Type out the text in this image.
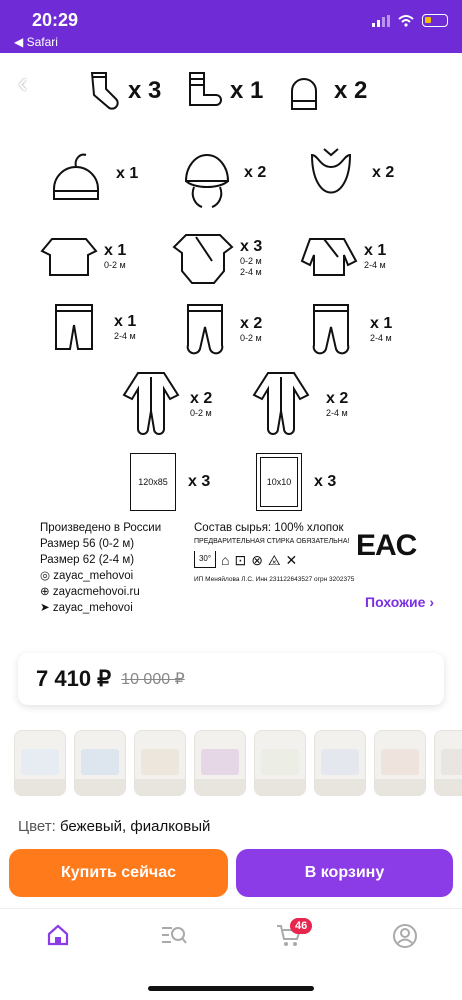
20:29
◀ Safari
‹	x 3	x 1	x 2
x 1	x 2	x 2
x 1
0-2 м
x 3
0-2 м
2-4 м
x 1
2-4 м
x 1
2-4 м
x 2
0-2 м
x 1
2-4 м
x 2
0-2 м
x 2
2-4 м
120x85	x 3	10x10	x 3
Произведено в России
Размер 56 (0-2 м)
Размер 62 (2-4 м)
◎ zayac_mehovoi
⊕ zayacmehovoi.ru
➤ zayac_mehovoi
Состав сырья: 100% хлопок
ПРЕДВАРИТЕЛЬНАЯ СТИРКА ОБЯЗАТЕЛЬНА!
30° ⌂ ⊡ ⊗ ⨻ ✕
ИП Меняйлова Л.С. Инн 231122643527 огрн 3202375
EAC
Похожие ›
7 410 ₽ 10 000 ₽
Цвет: бежевый, фиалковый
Купить сейчас	В корзину
46
